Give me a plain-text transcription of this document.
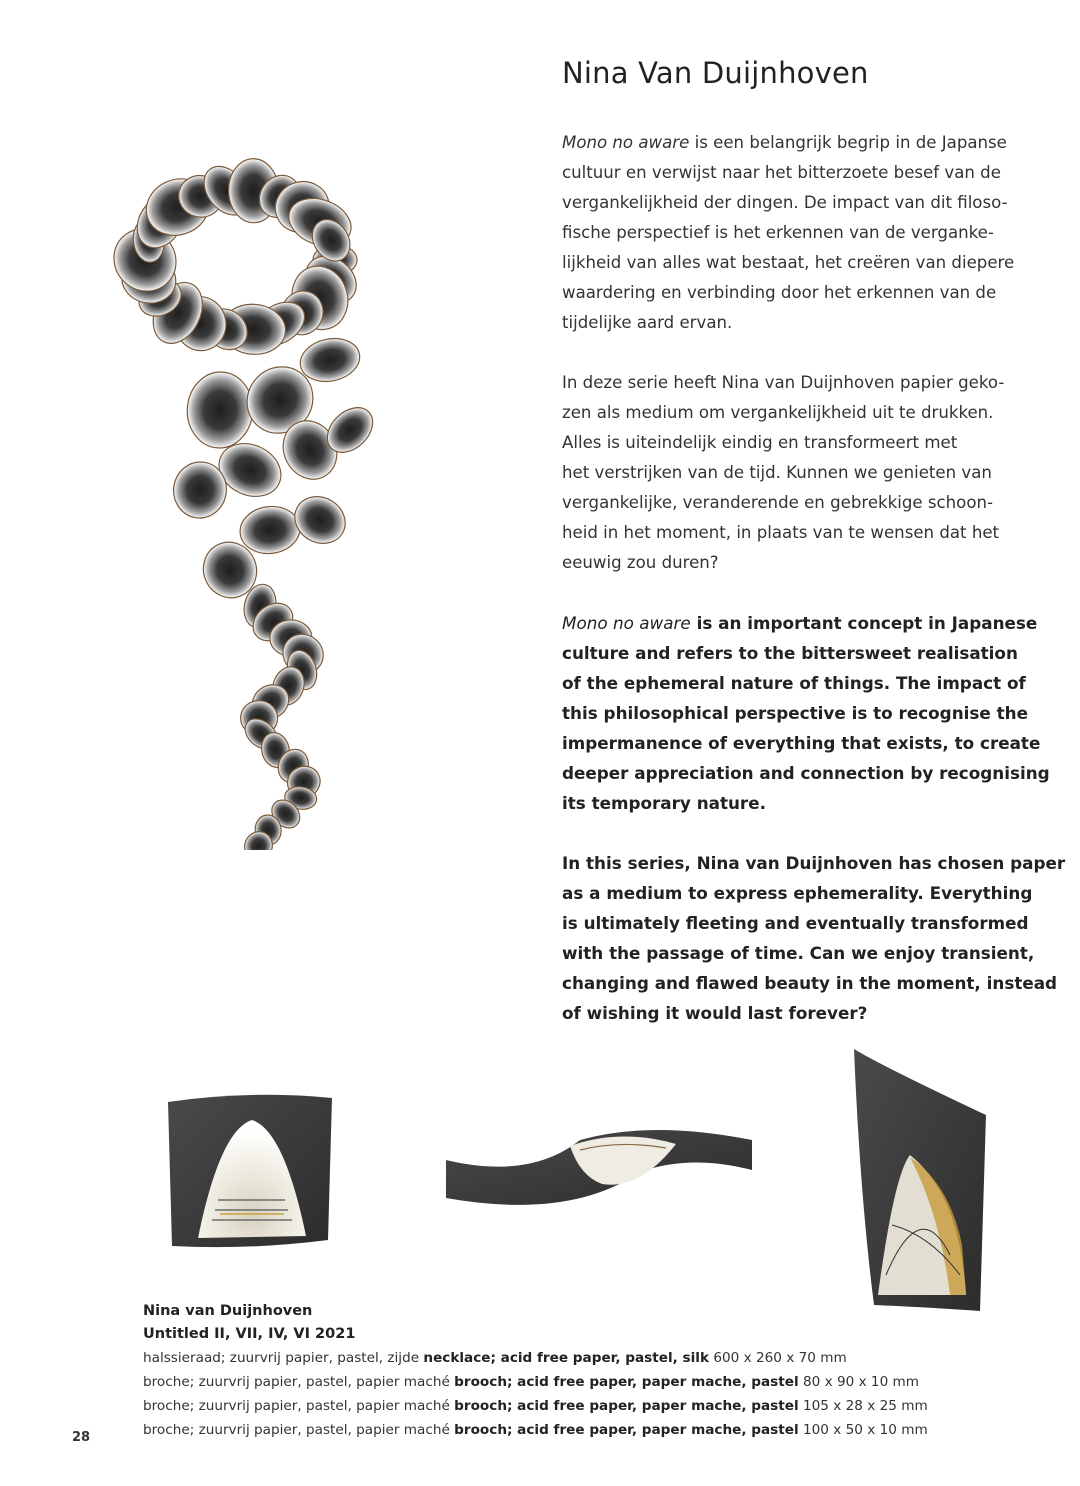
Nina Van Duijnhoven

Mono no aware is een belangrijk begrip in de Japanse

cultuur en verwijst naar het bitterzoete besef van de

vergankelijkheid der dingen. De impact van dit filoso-

fische perspectief is het erkennen van de verganke-

lijkheid van alles wat bestaat, het creëren van diepere

waardering en verbinding door het erkennen van de

tijdelijke aard ervan.

In deze serie heeft Nina van Duijnhoven papier geko-

zen als medium om vergankelijkheid uit te drukken.

Alles is uiteindelijk eindig en transformeert met

het verstrijken van de tijd. Kunnen we genieten van

vergankelijke, veranderende en gebrekkige schoon-

heid in het moment, in plaats van te wensen dat het

eeuwig zou duren?

Mono no aware is an important concept in Japanese

culture and refers to the bittersweet realisation

of the ephemeral nature of things. The impact of

this philosophical perspective is to recognise the

impermanence of everything that exists, to create

deeper appreciation and connection by recognising

its temporary nature.

In this series, Nina van Duijnhoven has chosen paper

as a medium to express ephemerality. Everything

is ultimately fleeting and eventually transformed

with the passage of time. Can we enjoy transient,

changing and flawed beauty in the moment, instead

of wishing it would last forever?

Nina van Duijnhoven
Untitled II, VII, IV, VI 2021
halssieraad; zuurvrij papier, pastel, zijde necklace; acid free paper, pastel, silk 600 x 260 x 70 mm
broche; zuurvrij papier, pastel, papier maché brooch; acid free paper, paper mache, pastel 80 x 90 x 10 mm
broche; zuurvrij papier, pastel, papier maché brooch; acid free paper, paper mache, pastel 105 x 28 x 25 mm
broche; zuurvrij papier, pastel, papier maché brooch; acid free paper, paper mache, pastel 100 x 50 x 10 mm
28
